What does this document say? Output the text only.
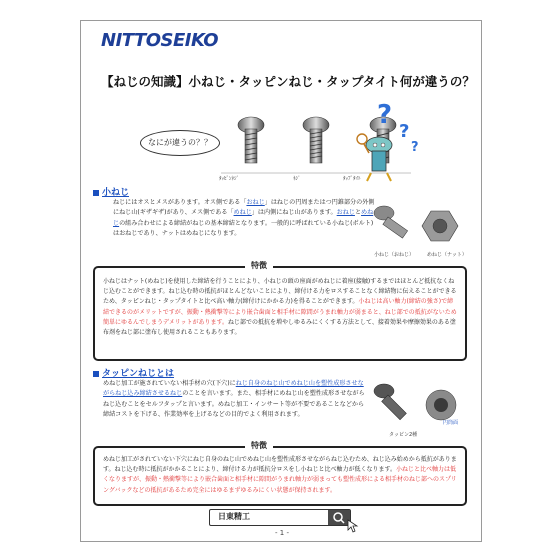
NITTOSEIKO
【ねじの知識】小ねじ・タッピンねじ・タップタイト何が違うの？
ﾀｯﾋﾟﾝﾈｼﾞ	ﾈｼﾞ	ﾀｯﾌﾟﾀｲﾄ
なにが違うの？？
?
?
?
小ねじ
ねじにはオスとメスがあります。オス側である「おねじ」はねじの円周またはつ円錐部分の外側にねじ山(ギザギザ)があり、メス側である「めねじ」は内側にねじ山があります。おねじとめねじの組み合わせによる締結がねじの基本締結となります。一般的に呼ばれている小ねじ(ボルト)はおねじであり、ナットはめねじになります。
小ねじ（おねじ）	めねじ（ナット）
特徴
小ねじはナット(めねじ)を使用した締結を行うことにより、小ねじの頭の座面がめねじに着座(接触)するまではほとんど抵抗なくねじ込むことができます。ねじ込む時の抵抗がほとんどないことにより、締付ける力をロスすることなく締結物に伝えることができるため、タッピンねじ・タップタイトと比べ高い軸力(締付けにかかる力)を得ることができます。小ねじは高い軸力(締結の強さ)で締結できるのがメリットですが、振動・熱衝撃等により嵌合歯面と相手材に隙間がうまれ軸力が弱まると、ねじ部での抵抗がないため簡単にゆるんでしまうデメリットがあります。ねじ部での抵抗を増やしゆるみにくくする方法として、接着効果や摩擦効果のある塗布剤をねじ部に塗布し使用されることもあります。
タッピンねじとは
めねじ加工が施されていない相手材の穴(下穴)にねじ自身のねじ山でめねじ山を塑性成形させながらねじ込み締結させるねじのことを言います。また、相手材にめねじ山を塑性成形させながらねじ込むことをセルフタップと言います。めねじ加工・インサート等が不要であることなどから締結コストを下げる、作業効率を上げるなどの目的でよく利用されます。
タッピン2種
円筒面
特徴
めねじ加工がされていない下穴にねじ自身のねじ山でめねじ山を塑性成形させながらねじ込むため、ねじ込み始めから抵抗があります。ねじ込む時に抵抗がかかることにより、締付ける力が抵抗分ロスをし小ねじと比べ軸力が低くなります。小ねじと比べ軸力は低くなりますが、振動・熱衝撃等により嵌合歯面と相手材に隙間がうまれ軸力が弱まっても塑性成形による相手材のねじ部へのスプリングバックなどの抵抗があるため完全にはゆるまずゆるみにくい状態が保持されます。
日東精工
- 1 -
